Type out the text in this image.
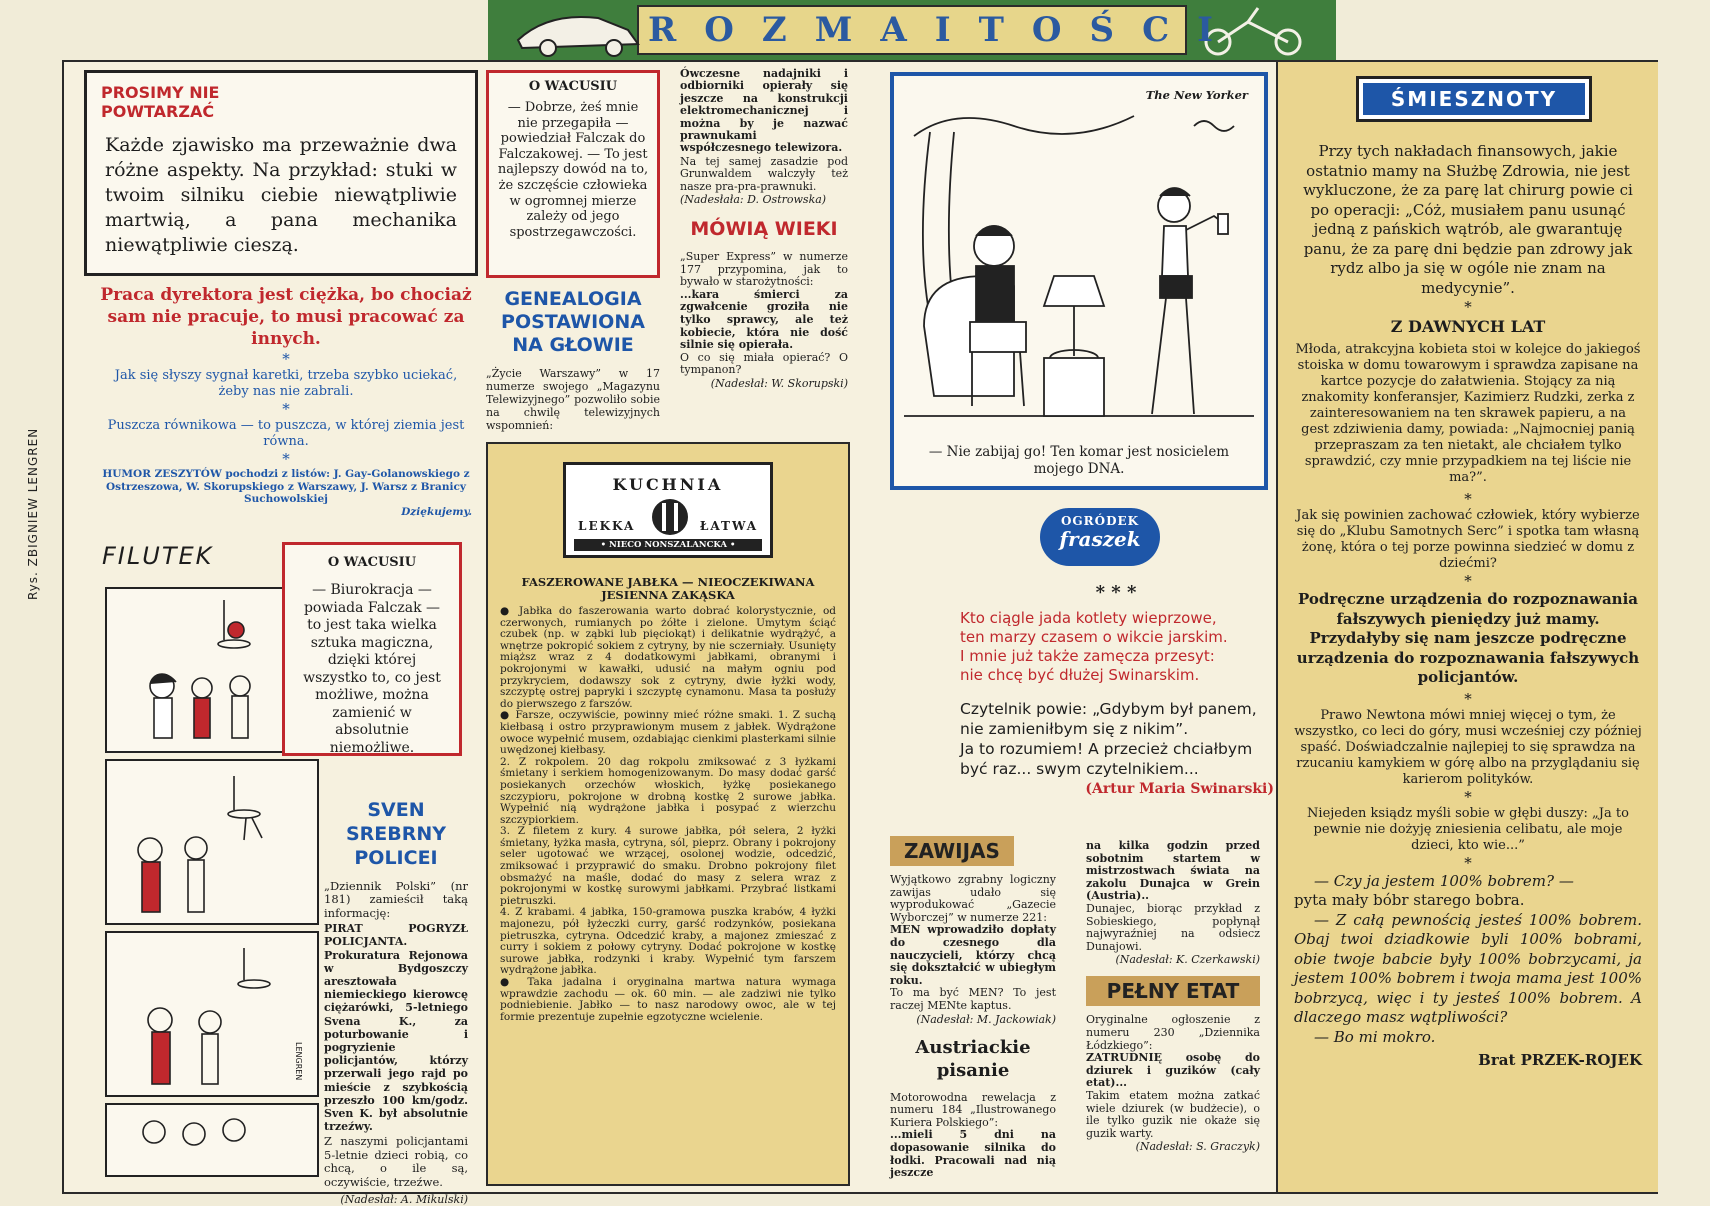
ROZMAITOŚCI
Rys. ZBIGNIEW LENGREN
PROSIMY NIE
POWTARZAĆ

Każde zjawisko ma przeważnie dwa różne aspekty. Na przykład: stuki w twoim silniku ciebie niewątpliwie martwią, a pana mechanika niewątpliwie cieszą.

Praca dyrektora jest ciężka, bo chociaż sam nie pracuje, to musi pracować za innych.

*

Jak się słyszy sygnał karetki, trzeba szybko uciekać, żeby nas nie zabrali.

*

Puszcza równikowa — to puszcza, w której ziemia jest równa.

*

HUMOR ZESZYTÓW pochodzi z listów: J. Gay-Golanowskiego z Ostrzeszowa, W. Skorupskiego z Warszawy, J. Warsz z Branicy Suchowolskiej

Dziękujemy.

FILUTEK
LENGREN
O WACUSIU

— Biurokracja — powiada Falczak — to jest taka wielka sztuka magiczna, dzięki której wszystko to, co jest możliwe, można zamienić w absolutnie niemożliwe.

SVEN SREBRNY POLICEI

„Dziennik Polski” (nr 181) zamieścił taką informację:

PIRAT POGRYZŁ POLICJANTA. Prokuratura Rejonowa w Bydgoszczy aresztowała niemieckiego kierowcę ciężarówki, 5-letniego Svena K., za poturbowanie i pogryzienie policjantów, którzy przerwali jego rajd po mieście z szybkością przeszło 100 km/godz. Sven K. był absolutnie trzeźwy.

Z naszymi policjantami 5-letnie dzieci robią, co chcą, o ile są, oczywiście, trzeźwe.

(Nadesłał: A. Mikulski)

O WACUSIU

— Dobrze, żeś mnie nie przegapiła — powiedział Falczak do Falczakowej. — To jest najlepszy dowód na to, że szczęście człowieka w ogromnej mierze zależy od jego spostrzegawczości.

GENEALOGIA POSTAWIONA NA GŁOWIE

„Życie Warszawy” w 17 numerze swojego „Magazynu Telewizyjnego” pozwoliło sobie na chwilę telewizyjnych wspomnień:

Ówczesne nadajniki i odbiorniki opierały się jeszcze na konstrukcji elektromechanicznej i można by je nazwać prawnukami współczesnego telewizora.

Na tej samej zasadzie pod Grunwaldem walczyły też nasze pra-pra-prawnuki.

(Nadesłała: D. Ostrowska)

MÓWIĄ WIEKI

„Super Express” w numerze 177 przypomina, jak to bywało w starożytności:

...kara śmierci za zgwałcenie groziła nie tylko sprawcy, ale też kobiecie, która nie dość silnie się opierała.

O co się miała opierać? O tympanon?

(Nadesłał: W. Skorupski)

KUCHNIA
LEKKA	ŁATWA
• NIECO NONSZALANCKA •
FASZEROWANE JABŁKA — NIEOCZEKIWANA JESIENNA ZAKĄSKA

● Jabłka do faszerowania warto dobrać kolorystycznie, od czerwonych, rumianych po żółte i zielone. Umytym ściąć czubek (np. w ząbki lub pięciokąt) i delikatnie wydrążyć, a wnętrze pokropić sokiem z cytryny, by nie sczerniały. Usunięty miąższ wraz z 4 dodatkowymi jabłkami, obranymi i pokrojonymi w kawałki, udusić na małym ogniu pod przykryciem, dodawszy sok z cytryny, dwie łyżki wody, szczyptę ostrej papryki i szczyptę cynamonu. Masa ta posłuży do pierwszego z farszów.

● Farsze, oczywiście, powinny mieć różne smaki. 1. Z suchą kiełbasą i ostro przyprawionym musem z jabłek. Wydrążone owoce wypełnić musem, ozdabiając cienkimi plasterkami silnie uwędzonej kiełbasy.

2. Z rokpolem. 20 dag rokpolu zmiksować z 3 łyżkami śmietany i serkiem homogenizowanym. Do masy dodać garść posiekanych orzechów włoskich, łyżkę posiekanego szczypioru, pokrojone w drobną kostkę 2 surowe jabłka. Wypełnić nią wydrążone jabłka i posypać z wierzchu szczypiorkiem.

3. Z filetem z kury. 4 surowe jabłka, pół selera, 2 łyżki śmietany, łyżka masła, cytryna, sól, pieprz. Obrany i pokrojony seler ugotować we wrzącej, osolonej wodzie, odcedzić, zmiksować i przyprawić do smaku. Drobno pokrojony filet obsmażyć na maśle, dodać do masy z selera wraz z pokrojonymi w kostkę surowymi jabłkami. Przybrać listkami pietruszki.

4. Z krabami. 4 jabłka, 150-gramowa puszka krabów, 4 łyżki majonezu, pół łyżeczki curry, garść rodzynków, posiekana pietruszka, cytryna. Odcedzić kraby, a majonez zmieszać z curry i sokiem z połowy cytryny. Dodać pokrojone w kostkę surowe jabłka, rodzynki i kraby. Wypełnić tym farszem wydrążone jabłka.

● Taka jadalna i oryginalna martwa natura wymaga wprawdzie zachodu — ok. 60 min. — ale zadziwi nie tylko podniebienie. Jabłko — to nasz narodowy owoc, ale w tej formie prezentuje zupełnie egzotyczne wcielenie.

The New Yorker

— Nie zabijaj go! Ten komar jest nosicielem mojego DNA.

OGRÓDEK
fraszek
* * *
Kto ciągle jada kotlety wieprzowe,
ten marzy czasem o wikcie jarskim.
I mnie już także zamęcza przesyt:
nie chcę być dłużej Swinarskim.
Czytelnik powie: „Gdybym był panem,
nie zamieniłbym się z nikim”.
Ja to rozumiem! A przecież chciałbym
być raz... swym czytelnikiem...
(Artur Maria Swinarski)
ZAWIJAS

Wyjątkowo zgrabny logiczny zawijas udało się wyprodukować „Gazecie Wyborczej” w numerze 221:

MEN wprowadziło dopłaty do czesnego dla nauczycieli, którzy chcą się dokształcić w ubiegłym roku.

To ma być MEN? To jest raczej MENte kaptus.

(Nadesłał: M. Jackowiak)

Austriackie pisanie

Motorowodna rewelacja z numeru 184 „Ilustrowanego Kuriera Polskiego”:

...mieli 5 dni na dopasowanie silnika do łodki. Pracowali nad nią jeszcze

na kilka godzin przed sobotnim startem w mistrzostwach świata na zakolu Dunajca w Grein (Austria)..

Dunajec, biorąc przykład z Sobieskiego, popłynął najwyraźniej na odsiecz Dunajowi.

(Nadesłał: K. Czerkawski)

PEŁNY ETAT

Oryginalne ogłoszenie z numeru 230 „Dziennika Łódzkiego”:

ZATRUDNIĘ osobę do dziurek i guzików (cały etat)...

Takim etatem można zatkać wiele dziurek (w budżecie), o ile tylko guzik nie okaże się guzik warty.

(Nadesłał: S. Graczyk)

ŚMIESZNOTY

Przy tych nakładach finansowych, jakie ostatnio mamy na Służbę Zdrowia, nie jest wykluczone, że za parę lat chirurg powie ci po operacji: „Cóż, musiałem panu usunąć jedną z pańskich wątrób, ale gwarantuję panu, że za parę dni będzie pan zdrowy jak rydz albo ja się w ogóle nie znam na medycynie”.

*
Z DAWNYCH LAT

Młoda, atrakcyjna kobieta stoi w kolejce do jakiegoś stoiska w domu towarowym i sprawdza zapisane na kartce pozycje do załatwienia. Stojący za nią znakomity konferansjer, Kazimierz Rudzki, zerka z zainteresowaniem na ten skrawek papieru, a na gest zdziwienia damy, powiada: „Najmocniej panią przepraszam za ten nietakt, ale chciałem tylko sprawdzić, czy mnie przypadkiem na tej liście nie ma?”.

*

Jak się powinien zachować człowiek, który wybierze się do „Klubu Samotnych Serc” i spotka tam własną żonę, która o tej porze powinna siedzieć w domu z dziećmi?

*

Podręczne urządzenia do rozpoznawania fałszywych pieniędzy już mamy. Przydałyby się nam jeszcze podręczne urządzenia do rozpoznawania fałszywych policjantów.

*

Prawo Newtona mówi mniej więcej o tym, że wszystko, co leci do góry, musi wcześniej czy później spaść. Doświadczalnie najlepiej to się sprawdza na rzucaniu kamykiem w górę albo na przyglądaniu się karierom polityków.

*

Niejeden ksiądz myśli sobie w głębi duszy: „Ja to pewnie nie dożyję zniesienia celibatu, ale moje dzieci, kto wie...”

*

— Czy ja jestem 100% bobrem? —

pyta mały bóbr starego bobra.

— Z całą pewnością jesteś 100% bobrem. Obaj twoi dziadkowie byli 100% bobrami, obie twoje babcie były 100% bobrzycami, ja jestem 100% bobrem i twoja mama jest 100% bobrzycą, więc i ty jesteś 100% bobrem. A dlaczego masz wątpliwości?

— Bo mi mokro.

Brat PRZEK-ROJEK
